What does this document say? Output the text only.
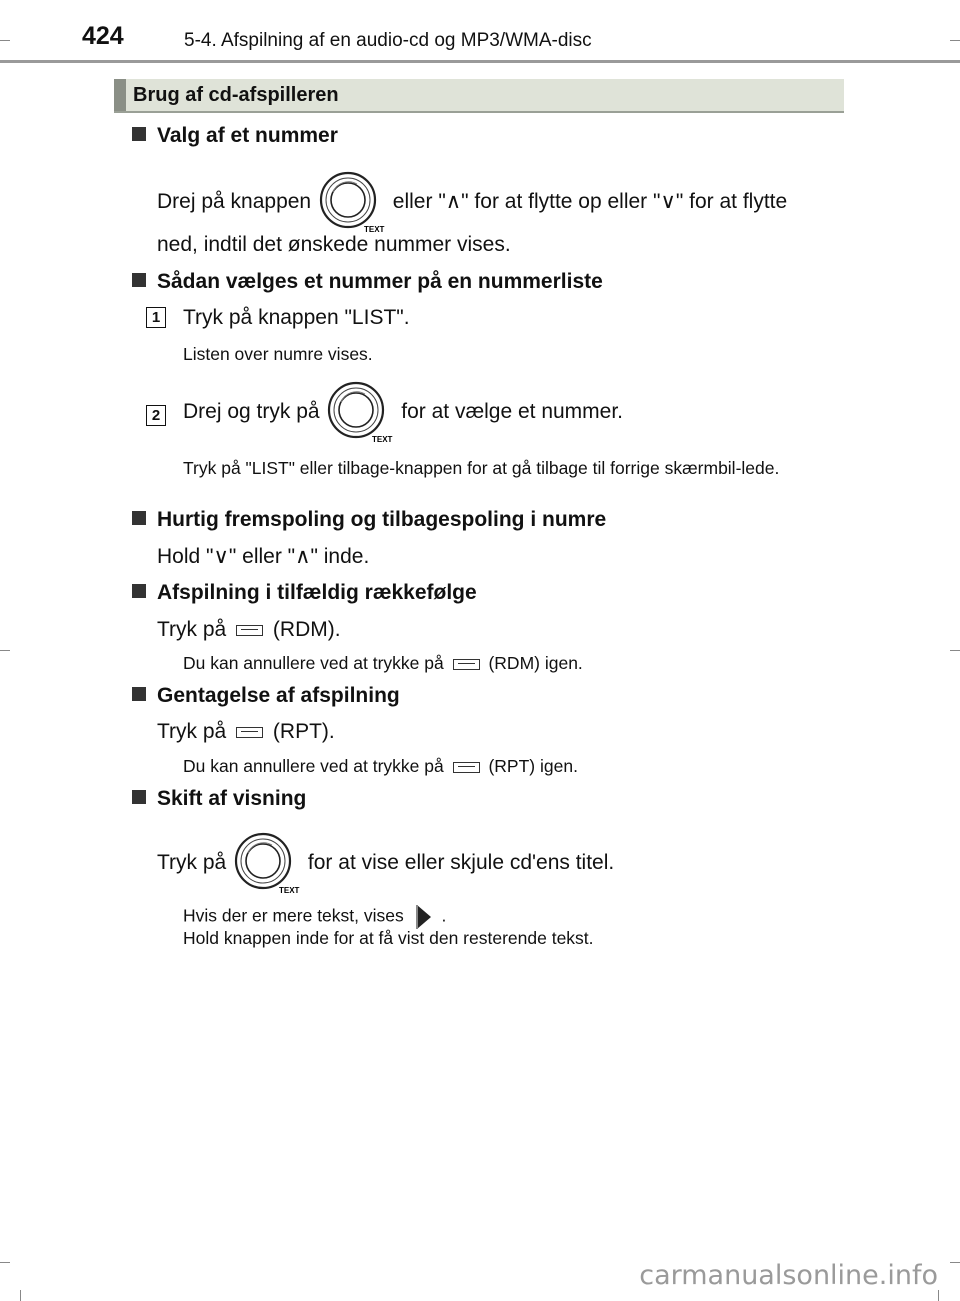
424	5-4. Afspilning af en audio-cd og MP3/WMA-disc
Brug af cd-afspilleren
Valg af et nummer
Drej på knappen
TEXT
eller "∧" for at flytte op eller "∨" for at flytte
ned, indtil det ønskede nummer vises.
Sådan vælges et nummer på en nummerliste
1 Tryk på knappen "LIST".
Listen over numre vises.
2 Drej og tryk på
TEXT
for at vælge et nummer.
Tryk på "LIST" eller tilbage-knappen for at gå tilbage til forrige skærmbil-lede.
Hurtig fremspoling og tilbagespoling i numre
Hold "∨" eller "∧" inde.
Afspilning i tilfældig rækkefølge
Tryk på (RDM).
Du kan annullere ved at trykke på	(RDM) igen.
Gentagelse af afspilning
Tryk på (RPT).
Du kan annullere ved at trykke på	(RPT) igen.
Skift af visning
Tryk på
TEXT
for at vise eller skjule cd'ens titel.
Hvis der er mere tekst, vises .
Hold knappen inde for at få vist den resterende tekst.
carmanualsonline.info
